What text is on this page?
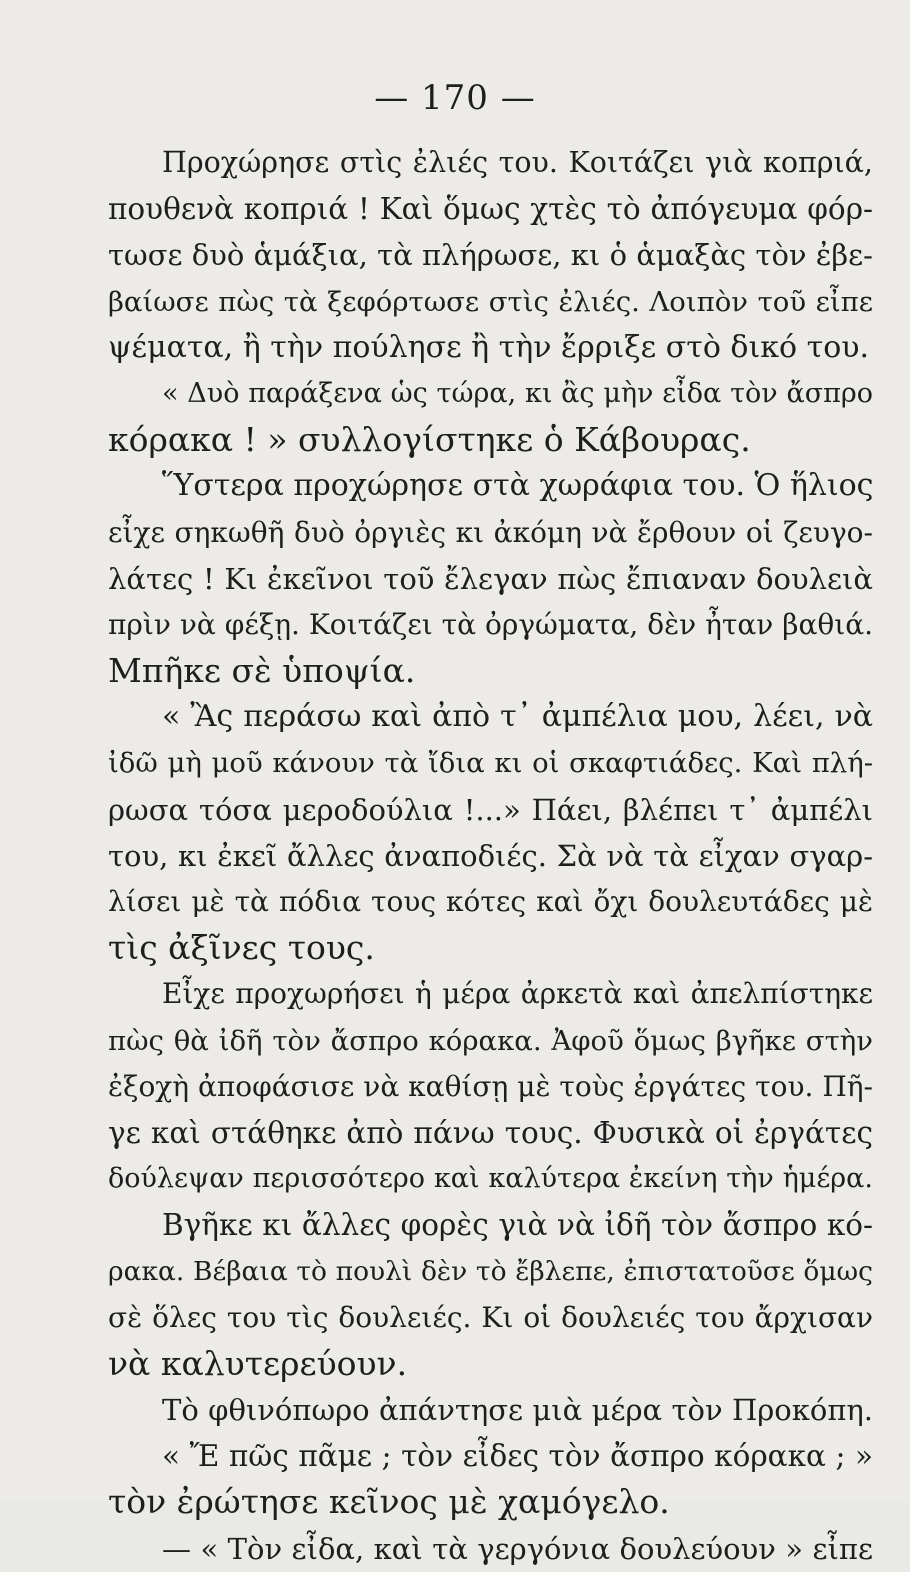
— 170 —
Προχώρησε στὶς ἐλιές του. Κοιτάζει γιὰ κοπριά,
πουθενὰ κοπριά ! Καὶ ὅμως χτὲς τὸ ἀπόγευμα φόρ-
τωσε δυὸ ἁμάξια, τὰ πλήρωσε, κι ὁ ἁμαξὰς τὸν ἐβε-
βαίωσε πὼς τὰ ξεφόρτωσε στὶς ἐλιές. Λοιπὸν τοῦ εἶπε
ψέματα, ἢ τὴν πούλησε ἢ τὴν ἔρριξε στὸ δικό του.
« Δυὸ παράξενα ὡς τώρα, κι ἂς μὴν εἶδα τὸν ἄσπρο
κόρακα ! » συλλογίστηκε ὁ Κάβουρας.
Ὕστερα προχώρησε στὰ χωράφια του. Ὁ ἥλιος
εἶχε σηκωθῆ δυὸ ὀργιὲς κι ἀκόμη νὰ ἔρθουν οἱ ζευγο-
λάτες ! Κι ἐκεῖνοι τοῦ ἔλεγαν πὼς ἔπιαναν δουλειὰ
πρὶν νὰ φέξῃ. Κοιτάζει τὰ ὀργώματα, δὲν ἦταν βαθιά.
Μπῆκε σὲ ὑποψία.
« Ἂς περάσω καὶ ἀπὸ τ᾽ ἀμπέλια μου, λέει, νὰ
ἰδῶ μὴ μοῦ κάνουν τὰ ἴδια κι οἱ σκαφτιάδες. Καὶ πλή-
ρωσα τόσα μεροδούλια !...» Πάει, βλέπει τ᾽ ἀμπέλι
του, κι ἐκεῖ ἄλλες ἀναποδιές. Σὰ νὰ τὰ εἶχαν σγαρ-
λίσει μὲ τὰ πόδια τους κότες καὶ ὄχι δουλευτάδες μὲ
τὶς ἀξῖνες τους.
Εἶχε προχωρήσει ἡ μέρα ἀρκετὰ καὶ ἀπελπίστηκε
πὼς θὰ ἰδῆ τὸν ἄσπρο κόρακα. Ἀφοῦ ὅμως βγῆκε στὴν
ἐξοχὴ ἀποφάσισε νὰ καθίσῃ μὲ τοὺς ἐργάτες του. Πῆ-
γε καὶ στάθηκε ἀπὸ πάνω τους. Φυσικὰ οἱ ἐργάτες
δούλεψαν περισσότερο καὶ καλύτερα ἐκείνη τὴν ἡμέρα.
Βγῆκε κι ἄλλες φορὲς γιὰ νὰ ἰδῆ τὸν ἄσπρο κό-
ρακα. Βέβαια τὸ πουλὶ δὲν τὸ ἔβλεπε, ἐπιστατοῦσε ὅμως
σὲ ὅλες του τὶς δουλειές. Κι οἱ δουλειές του ἄρχισαν
νὰ καλυτερεύουν.
Τὸ φθινόπωρο ἀπάντησε μιὰ μέρα τὸν Προκόπη.
« Ἔ πῶς πᾶμε ; τὸν εἶδες τὸν ἄσπρο κόρακα ; »
τὸν ἐρώτησε κεῖνος μὲ χαμόγελο.
— « Τὸν εἶδα, καὶ τὰ γεργόνια δουλεύουν » εἶπε
